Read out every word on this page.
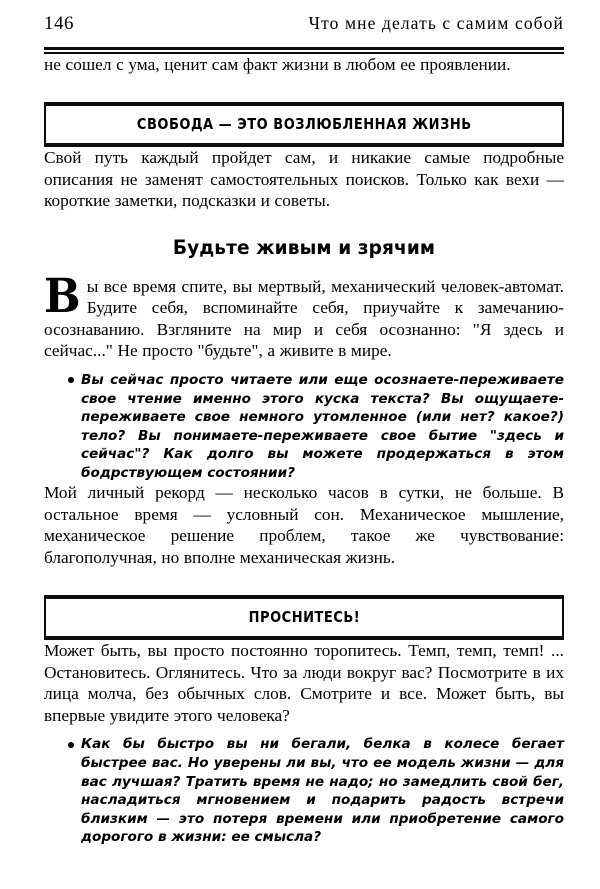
146	Что мне делать с самим собой

не сошел с ума, ценит сам факт жизни в любом ее проявлении.

СВОБОДА — ЭТО ВОЗЛЮБЛЕННАЯ ЖИЗНЬ

Свой путь каждый пройдет сам, и никакие самые подробные описания не заменят самостоятельных поисков. Только как вехи — короткие заметки, подсказки и советы.

Будьте живым и зрячим
В ы все время спите, вы мертвый, механический человек-автомат. Будите себя, вспоминайте себя, приучайте к замечанию-осознаванию. Взгляните на мир и себя осознанно: "Я здесь и сейчас..." Не просто "будьте", а живите в мире.

Вы сейчас просто читаете или еще осознаете-переживаете свое чтение именно этого куска текста? Вы ощущаете-переживаете свое немного утомленное (или нет? какое?) тело? Вы понимаете-переживаете свое бытие "здесь и сейчас"? Как долго вы можете продержаться в этом бодрствующем состоянии?

Мой личный рекорд — несколько часов в сутки, не больше. В остальное время — условный сон. Механическое мышление, механическое решение проблем, такое же чувствование: благополучная, но вполне механическая жизнь.

ПРОСНИТЕСЬ!

Может быть, вы просто постоянно торопитесь. Темп, темп, темп! ... Остановитесь. Оглянитесь. Что за люди вокруг вас? Посмотрите в их лица молча, без обычных слов. Смотрите и все. Может быть, вы впервые увидите этого человека?

Как бы быстро вы ни бегали, белка в колесе бегает быстрее вас. Но уверены ли вы, что ее модель жизни — для вас лучшая? Тратить время не надо; но замедлить свой бег, насладиться мгновением и подарить радость встречи близким — это потеря времени или приобретение самого дорогого в жизни: ее смысла?
